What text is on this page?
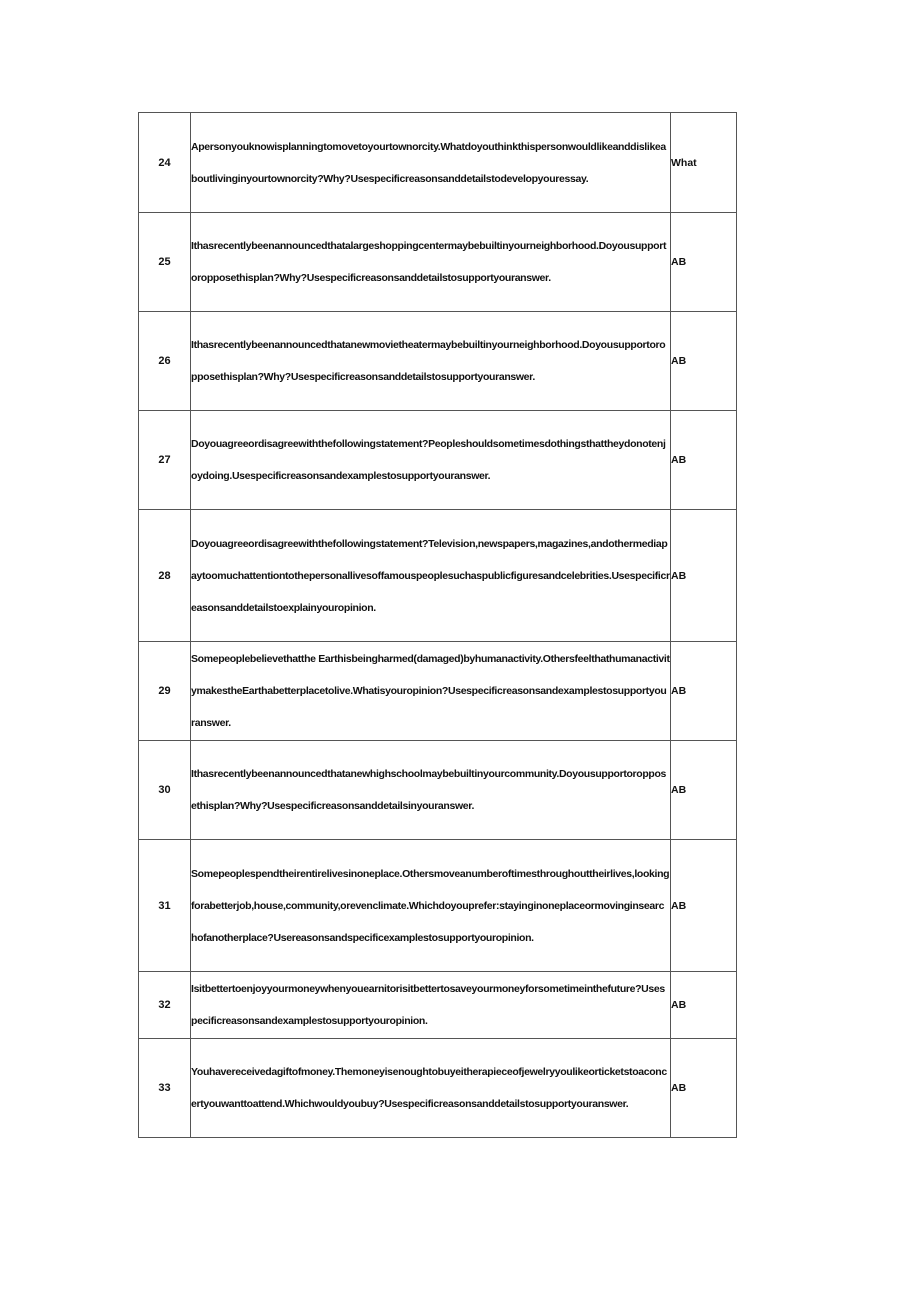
24	Apersonyouknowisplanningtomovetoyourtownorcity.Whatdoyouthinkthispersonwouldlikeanddislikeaboutlivinginyourtownorcity?Why?Usespecificreasonsanddetailstodevelopyouressay.	What
25	Ithasrecentlybeenannouncedthatalargeshoppingcentermaybebuiltinyourneighborhood.Doyousupportoropposethisplan?Why?Usespecificreasonsanddetailstosupportyouranswer.	AB
26	Ithasrecentlybeenannouncedthatanewmovietheatermaybebuiltinyourneighborhood.Doyousupportoropposethisplan?Why?Usespecificreasonsanddetailstosupportyouranswer.	AB
27	Doyouagreeordisagreewiththefollowingstatement?Peopleshouldsometimesdothingsthattheydonotenjoydoing.Usespecificreasonsandexamplestosupportyouranswer.	AB
28	Doyouagreeordisagreewiththefollowingstatement?Television,newspapers,magazines,andothermediapaytoomuchattentiontothepersonallivesoffamouspeoplesuchaspublicfiguresandcelebrities.Usespecificreasonsanddetailstoexplainyouropinion.	AB
29	Somepeoplebelievethatthe Earthisbeingharmed(damaged)byhumanactivity.OthersfeelthathumanactivitymakestheEarthabetterplacetolive.Whatisyouropinion?Usespecificreasonsandexamplestosupportyouranswer.	AB
30	Ithasrecentlybeenannouncedthatanewhighschoolmaybebuiltinyourcommunity.Doyousupportoropposethisplan?Why?Usespecificreasonsanddetailsinyouranswer.	AB
31	Somepeoplespendtheirentirelivesinoneplace.Othersmoveanumberoftimesthroughouttheirlives,lookingforabetterjob,house,community,orevenclimate.Whichdoyouprefer:stayinginoneplaceormovinginsearchofanotherplace?Usereasonsandspecificexamplestosupportyouropinion.	AB
32	Isitbettertoenjoyyourmoneywhenyouearnitorisitbettertosaveyourmoneyforsometimeinthefuture?Usespecificreasonsandexamplestosupportyouropinion.	AB
33	Youhavereceivedagiftofmoney.Themoneyisenoughtobuyeitherapieceofjewelryyoulikeorticketstoaconcertyouwanttoattend.Whichwouldyoubuy?Usespecificreasonsanddetailstosupportyouranswer.	AB
